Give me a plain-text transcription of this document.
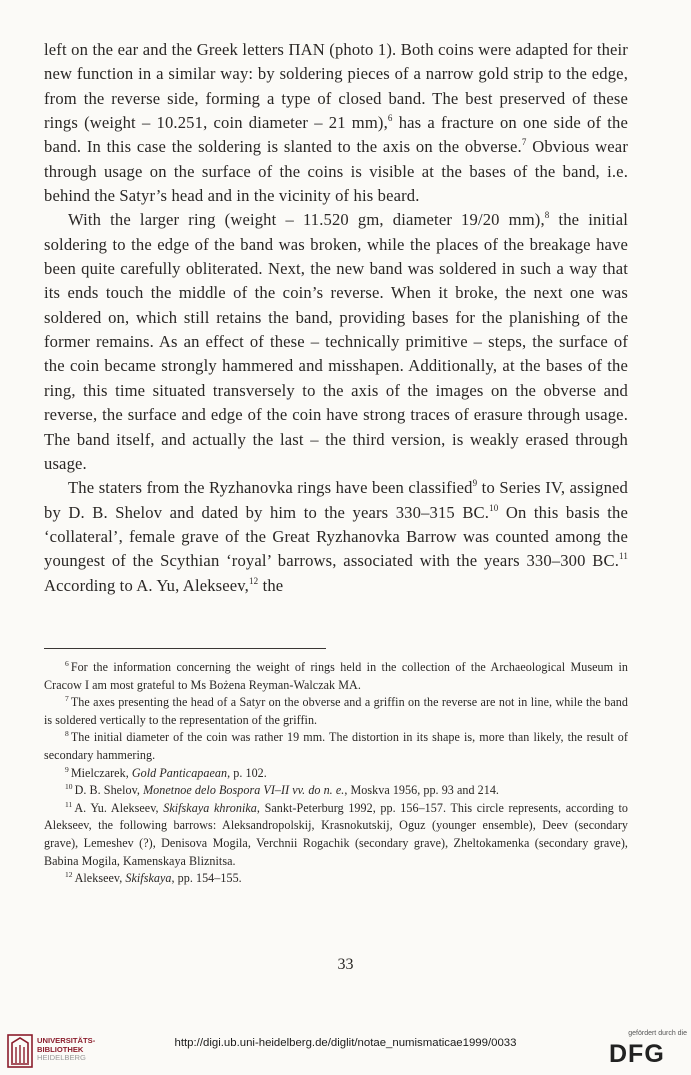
left on the ear and the Greek letters ΠAN (photo 1). Both coins were adapted for their new function in a similar way: by soldering pieces of a narrow gold strip to the edge, from the reverse side, forming a type of closed band. The best preserved of these rings (weight – 10.251, coin diameter – 21 mm),$^6$ has a fracture on one side of the band. In this case the soldering is slanted to the axis on the obverse.$^7$ Obvious wear through usage on the surface of the coins is visible at the bases of the band, i.e. behind the Satyr’s head and in the vicinity of his beard.

With the larger ring (weight – 11.520 gm, diameter 19/20 mm),$^8$ the initial soldering to the edge of the band was broken, while the places of the breakage have been quite carefully obliterated. Next, the new band was soldered in such a way that its ends touch the middle of the coin’s reverse. When it broke, the next one was soldered on, which still retains the band, providing bases for the planishing of the former remains. As an effect of these – technically primitive – steps, the surface of the coin became strongly hammered and misshapen. Additionally, at the bases of the ring, this time situated transversely to the axis of the images on the obverse and reverse, the surface and edge of the coin have strong traces of erasure through usage. The band itself, and actually the last – the third version, is weakly erased through usage.

The staters from the Ryzhanovka rings have been classified$^9$ to Series IV, assigned by D. B. Shelov and dated by him to the years 330–315 BC.$^{10}$ On this basis the ‘collateral’, female grave of the Great Ryzhanovka Barrow was counted among the youngest of the Scythian ‘royal’ barrows, associated with the years 330–300 BC.$^{11}$ According to A. Yu, Alekseev,$^{12}$ the

$^6$ For the information concerning the weight of rings held in the collection of the Archaeological Museum in Cracow I am most grateful to Ms Bożena Reyman-Walczak MA.

$^7$ The axes presenting the head of a Satyr on the obverse and a griffin on the reverse are not in line, while the band is soldered vertically to the representation of the griffin.

$^8$ The initial diameter of the coin was rather 19 mm. The distortion in its shape is, more than likely, the result of secondary hammering.

$^9$ Mielczarek, Gold Panticapaean, p. 102.

$^{10}$ D. B. Shelov, Monetnoe delo Bospora VI–II vv. do n. e., Moskva 1956, pp. 93 and 214.

$^{11}$ A. Yu. Alekseev, Skifskaya khronika, Sankt-Peterburg 1992, pp. 156–157. This circle represents, according to Alekseev, the following barrows: Aleksandropolskij, Krasnokutskij, Oguz (younger ensemble), Deev (secondary grave), Lemeshev (?), Denisova Mogila, Verchnii Rogachik (secondary grave), Zheltokamenka (secondary grave), Babina Mogila, Kamenskaya Bliznitsa.

$^{12}$ Alekseev, Skifskaya, pp. 154–155.

33
UNIVERSITÄTS-
BIBLIOTHEK
HEIDELBERG
http://digi.ub.uni-heidelberg.de/diglit/notae_numismaticae1999/0033
gefördert durch die
DFG
